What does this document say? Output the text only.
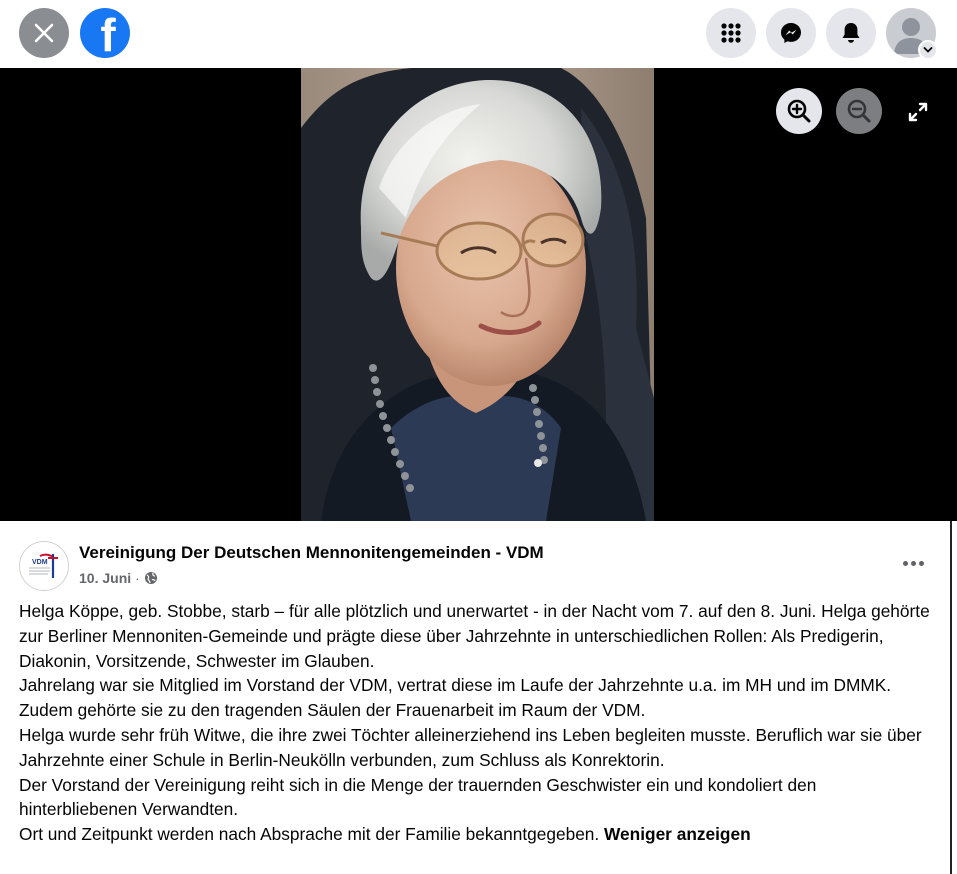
f
VDM
Vereinigung Der Deutschen Mennonitengemeinden - VDM
10. Juni ·

Helga Köppe, geb. Stobbe, starb – für alle plötzlich und unerwartet - in der Nacht vom 7. auf den 8. Juni. Helga gehörte zur Berliner Mennoniten-Gemeinde und prägte diese über Jahrzehnte in unterschiedlichen Rollen: Als Predigerin, Diakonin, Vorsitzende, Schwester im Glauben.

Jahrelang war sie Mitglied im Vorstand der VDM, vertrat diese im Laufe der Jahrzehnte u.a. im MH und im DMMK. Zudem gehörte sie zu den tragenden Säulen der Frauenarbeit im Raum der VDM.

Helga wurde sehr früh Witwe, die ihre zwei Töchter alleinerziehend ins Leben begleiten musste. Beruflich war sie über Jahrzehnte einer Schule in Berlin-Neukölln verbunden, zum Schluss als Konrektorin.

Der Vorstand der Vereinigung reiht sich in die Menge der trauernden Geschwister ein und kondoliert den hinterbliebenen Verwandten.

Ort und Zeitpunkt werden nach Absprache mit der Familie bekanntgegeben. Weniger anzeigen
